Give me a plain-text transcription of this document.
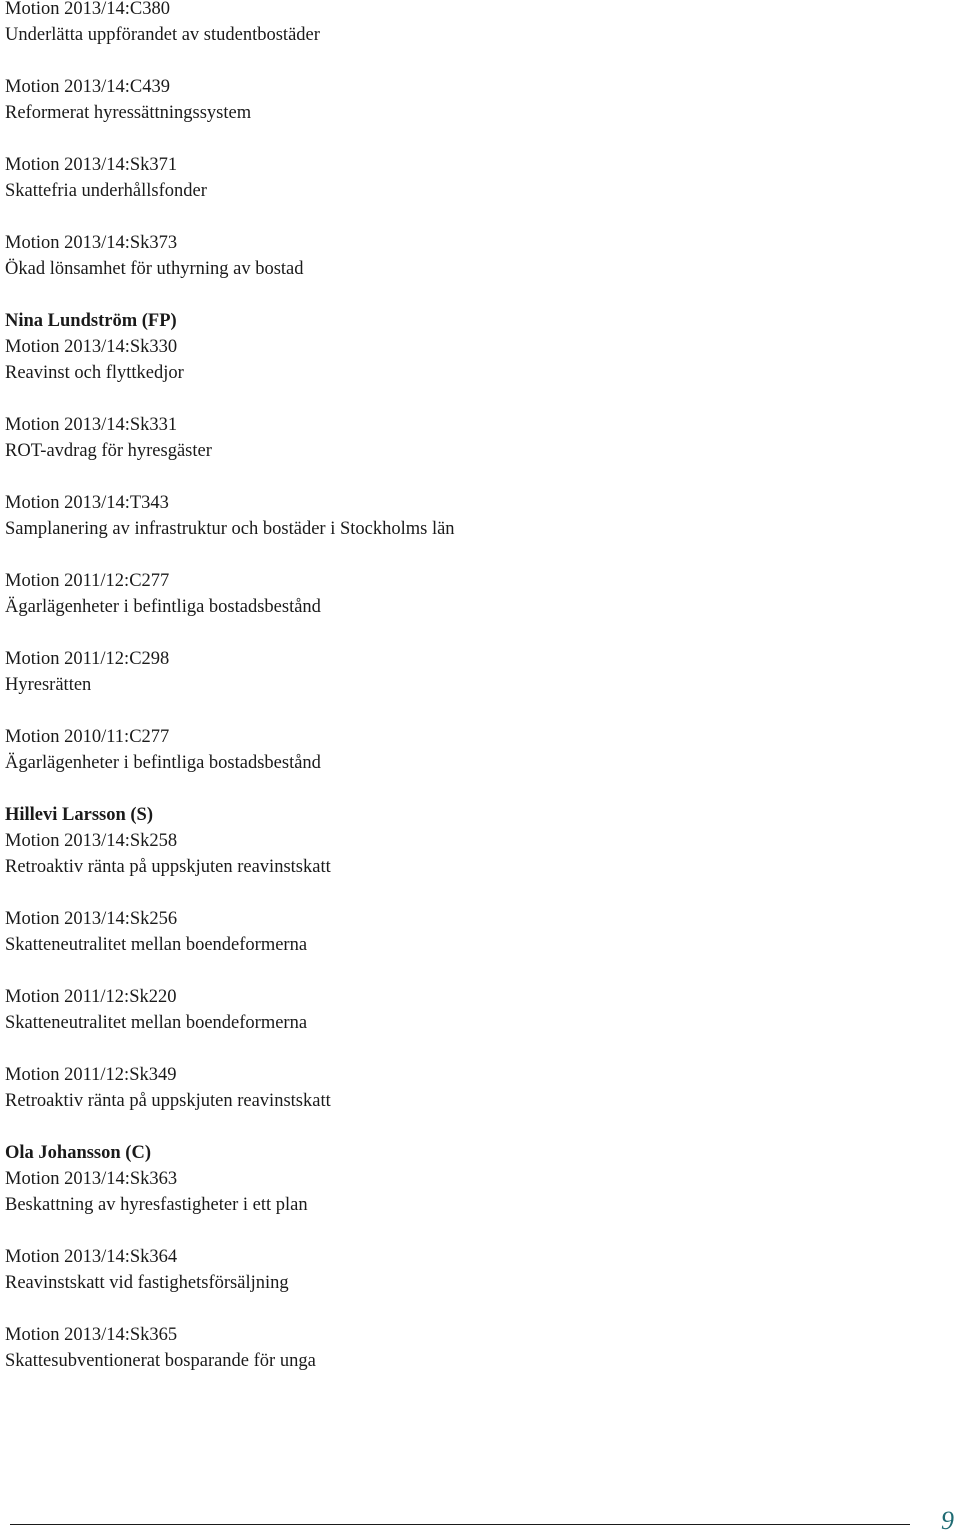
Motion 2013/14:C380
Underlätta uppförandet av studentbostäder
Motion 2013/14:C439
Reformerat hyressättningssystem
Motion 2013/14:Sk371
Skattefria underhållsfonder
Motion 2013/14:Sk373
Ökad lönsamhet för uthyrning av bostad
Nina Lundström (FP)
Motion 2013/14:Sk330
Reavinst och flyttkedjor
Motion 2013/14:Sk331
ROT-avdrag för hyresgäster
Motion 2013/14:T343
Samplanering av infrastruktur och bostäder i Stockholms län
Motion 2011/12:C277
Ägarlägenheter i befintliga bostadsbestånd
Motion 2011/12:C298
Hyresrätten
Motion 2010/11:C277
Ägarlägenheter i befintliga bostadsbestånd
Hillevi Larsson (S)
Motion 2013/14:Sk258
Retroaktiv ränta på uppskjuten reavinstskatt
Motion 2013/14:Sk256
Skatteneutralitet mellan boendeformerna
Motion 2011/12:Sk220
Skatteneutralitet mellan boendeformerna
Motion 2011/12:Sk349
Retroaktiv ränta på uppskjuten reavinstskatt
Ola Johansson (C)
Motion 2013/14:Sk363
Beskattning av hyresfastigheter i ett plan
Motion 2013/14:Sk364
Reavinstskatt vid fastighetsförsäljning
Motion 2013/14:Sk365
Skattesubventionerat bosparande för unga
9
